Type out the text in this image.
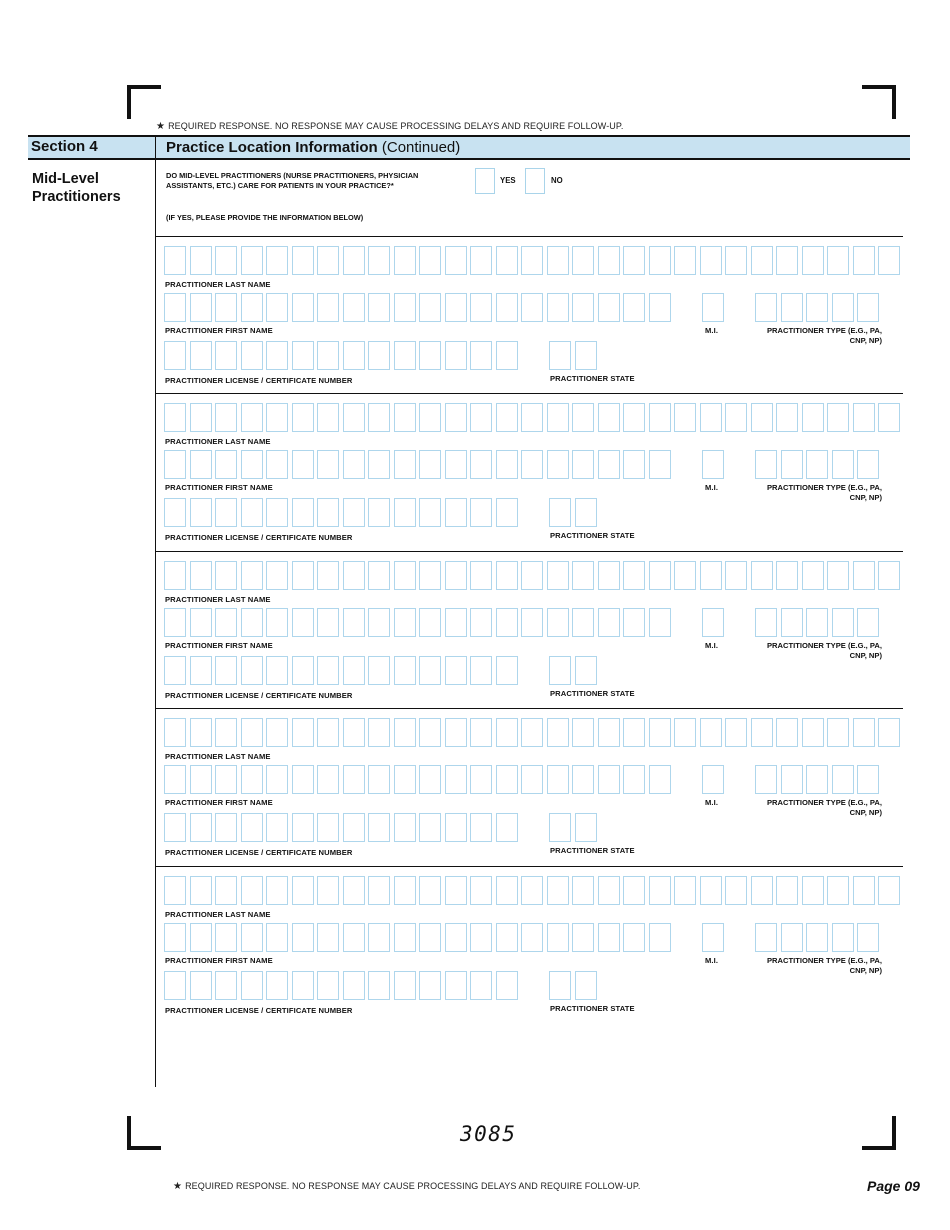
★ REQUIRED RESPONSE. NO RESPONSE MAY CAUSE PROCESSING DELAYS AND REQUIRE FOLLOW-UP.
Section 4	Practice Location Information (Continued)
Mid-Level
Practitioners
DO MID-LEVEL PRACTITIONERS (NURSE PRACTITIONERS, PHYSICIAN
ASSISTANTS, ETC.) CARE FOR PATIENTS IN YOUR PRACTICE?*	YES	NO
(IF YES, PLEASE PROVIDE THE INFORMATION BELOW)
PRACTITIONER LAST NAME
PRACTITIONER FIRST NAME	M.I.	PRACTITIONER TYPE (E.G., PA,
CNP, NP)
PRACTITIONER LICENSE / CERTIFICATE NUMBER	PRACTITIONER STATE
PRACTITIONER LAST NAME
PRACTITIONER FIRST NAME	M.I.	PRACTITIONER TYPE (E.G., PA,
CNP, NP)
PRACTITIONER LICENSE / CERTIFICATE NUMBER	PRACTITIONER STATE
PRACTITIONER LAST NAME
PRACTITIONER FIRST NAME	M.I.	PRACTITIONER TYPE (E.G., PA,
CNP, NP)
PRACTITIONER LICENSE / CERTIFICATE NUMBER	PRACTITIONER STATE
PRACTITIONER LAST NAME
PRACTITIONER FIRST NAME	M.I.	PRACTITIONER TYPE (E.G., PA,
CNP, NP)
PRACTITIONER LICENSE / CERTIFICATE NUMBER	PRACTITIONER STATE
PRACTITIONER LAST NAME
PRACTITIONER FIRST NAME	M.I.	PRACTITIONER TYPE (E.G., PA,
CNP, NP)
PRACTITIONER LICENSE / CERTIFICATE NUMBER	PRACTITIONER STATE
3085
★ REQUIRED RESPONSE. NO RESPONSE MAY CAUSE PROCESSING DELAYS AND REQUIRE FOLLOW-UP.	Page 09
